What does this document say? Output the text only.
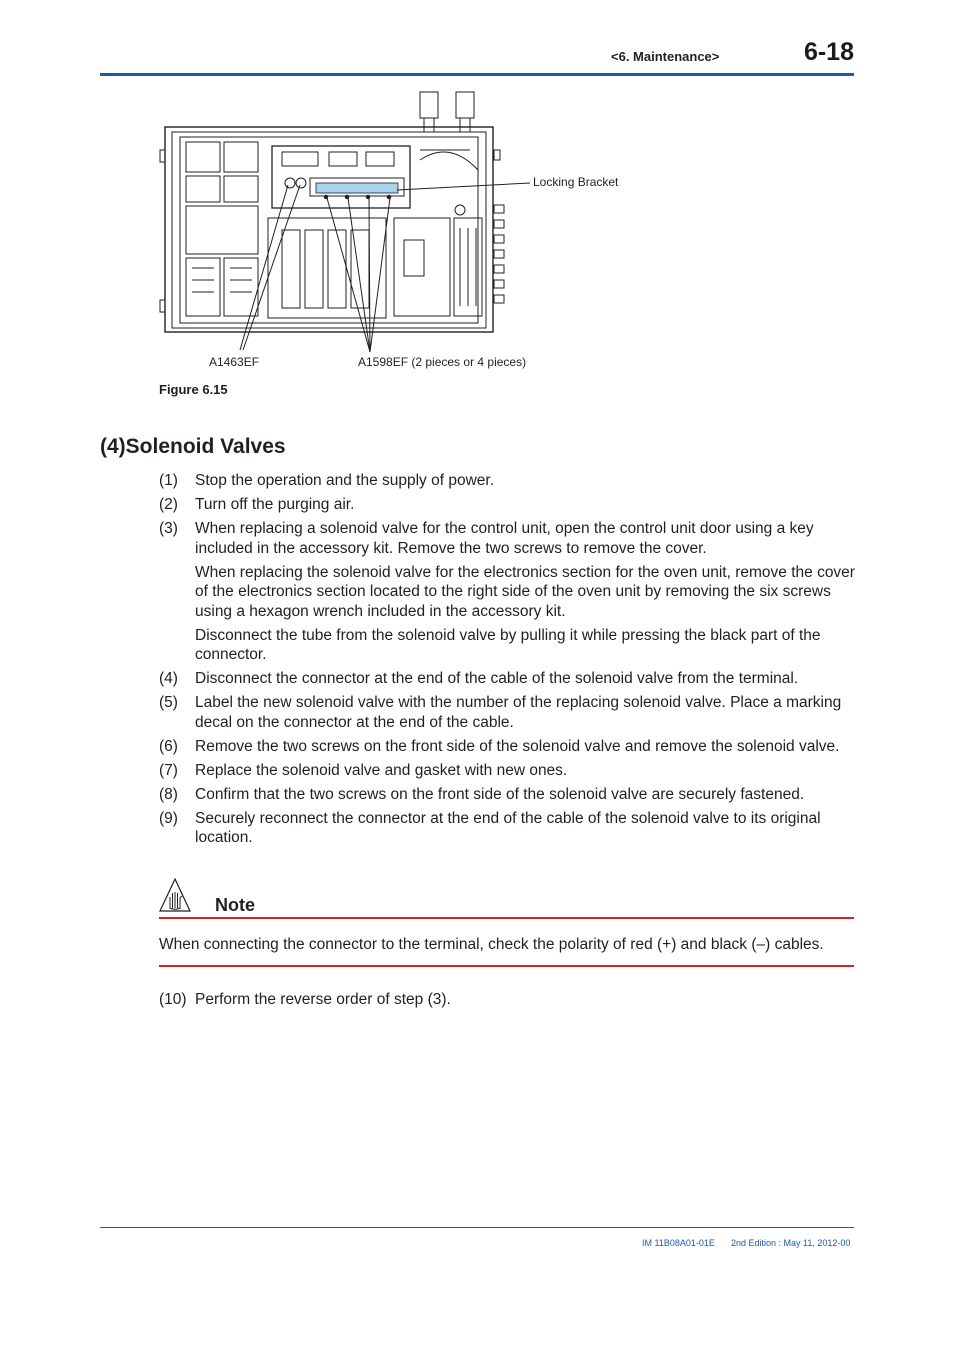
<6. Maintenance>	6-18
Locking Bracket
A1463EF	A1598EF (2 pieces or 4 pieces)
Figure 6.15
(4)Solenoid Valves
(1)	Stop the operation and the supply of power.
(2)	Turn off the purging air.
(3)	When replacing a solenoid valve for the control unit, open the control unit door using a key included in the accessory kit. Remove the two screws to remove the cover.
When replacing the solenoid valve for the electronics section for the oven unit, remove the cover of the electronics section located to the right side of the oven unit by removing the six screws using a hexagon wrench included in the accessory kit.
Disconnect the tube from the solenoid valve by pulling it while pressing the black part of the connector.
(4)	Disconnect the connector at the end of the cable of the solenoid valve from the terminal.
(5)	Label the new solenoid valve with the number of the replacing solenoid valve. Place a marking decal on the connector at the end of the cable.
(6)	Remove the two screws on the front side of the solenoid valve and remove the solenoid valve.
(7)	Replace the solenoid valve and gasket with new ones.
(8)	Confirm that the two screws on the front side of the solenoid valve are securely fastened.
(9)	Securely reconnect the connector at the end of the cable of the solenoid valve to its original location.
Note
When connecting the connector to the terminal, check the polarity of red (+) and black (–) cables.
(10) Perform the reverse order of step (3).
IM 11B08A01-01E 2nd Edition : May 11, 2012-00
